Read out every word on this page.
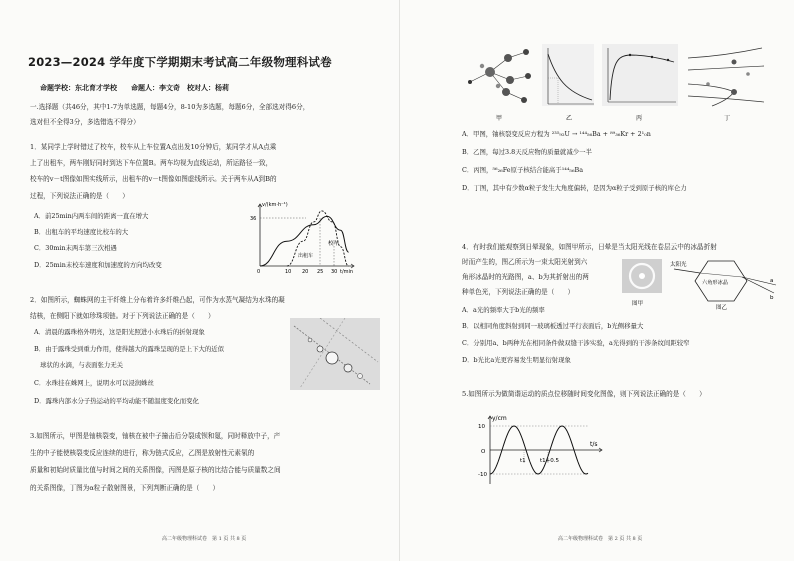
2023—2024 学年度下学期期末考试高二年级物理科试卷
命题学校：东北育才学校　　命题人：李文奇　校对人：杨莉
一.选择题（共46分，其中1-7为单选题，每题4分，8-10为多选题，每题6分，全部选对得6分，
选对但不全得3分，多选错选不得分）
1．某同学上学时错过了校车，校车从上车位置A点出发10分钟后，某同学才从A点乘
上了出租车，两车刚好同时到达下车位置B。两车均视为直线运动，所运路径一致，
校车的v－t图像如图实线所示，出租车的v－t图像如图虚线所示。关于两车从A到B的
过程，下列说法正确的是（　　）
A．前25min内两车间的距离一直在增大
B．出租车的平均速度比校车的大
C．30min末两车第三次相遇
D．25min末校车速度和加速度的方向均改变
v/(km·h⁻¹)
36
0	10 20 25 30 t/min
校车
出租车
2．如图所示，蜘蛛网的主干纤维上分布着许多纤维凸起，可作为水蒸气凝结为水珠的凝
结核，在侧阳下就如珍珠项链。对于下列说法正确的是（　　）
A．清晨的露珠格外明亮，这是阳光照进小水珠后的折射现象
B．由于露珠受到重力作用，使得越大的露珠呈现的是上下大的近似
球状的水滴，与表面张力无关
C．水珠挂在蛛网上，说明水可以浸润蛛丝
D．露珠内部水分子热运动的平均动能不随温度变化而变化
3.如图所示，甲图是铀核裂变，铀核在被中子撞击后分裂成钡和氪，同时释放中子，产
生的中子能使核裂变反应连续的进行，称为链式反应，乙图是放射性元素氡的
质量和初始时质量比值与时间之间的关系图像，丙图是原子核的比结合能与质量数之间
的关系图像，丁图为α粒子散射图景，下列判断正确的是（　　）
高二年级物理科试卷　第 1 页 共 8 页
甲	乙	丙	丁
A．甲图，铀核裂变反应方程为 ²³⁵₉₂U → ¹⁴⁴₅₆Ba + ⁸⁹₃₆Kr + 2¹₀n
B．乙图，每过3.8天反应物的质量就减少一半
C．丙图，⁵⁶₂₆Fe原子核结合能高于¹⁴⁴₅₆Ba
D．丁图，其中有少数α粒子发生大角度偏转，是因为α粒子受到原子核的库仑力
4．有时我们能观察到日晕现象，如图甲所示，日晕是当太阳光线在卷层云中的冰晶折射
时而产生的，图乙所示为一束太阳光射到六
角形冰晶时的光路图，a、b为其折射出的两
种单色光，下列说法正确的是（　　）
A．a光的频率大于b光的频率
B．以相同角度斜射到同一玻璃板透过平行表面后，b光侧移量大
C．分别用a、b两种光在相同条件做双缝干涉实验，a光得到的干涉条纹间距较窄
D．b光比a光更容易发生明显衍射现象
图甲
太阳光
六角形冰晶	a
b
图乙
5.如图所示为做简谐运动的质点位移随时间变化图像，则下列说法正确的是（　　）
y/cm
10
O
-10
t1	t1+0.5
t/s
高二年级物理科试卷　第 2 页 共 8 页
